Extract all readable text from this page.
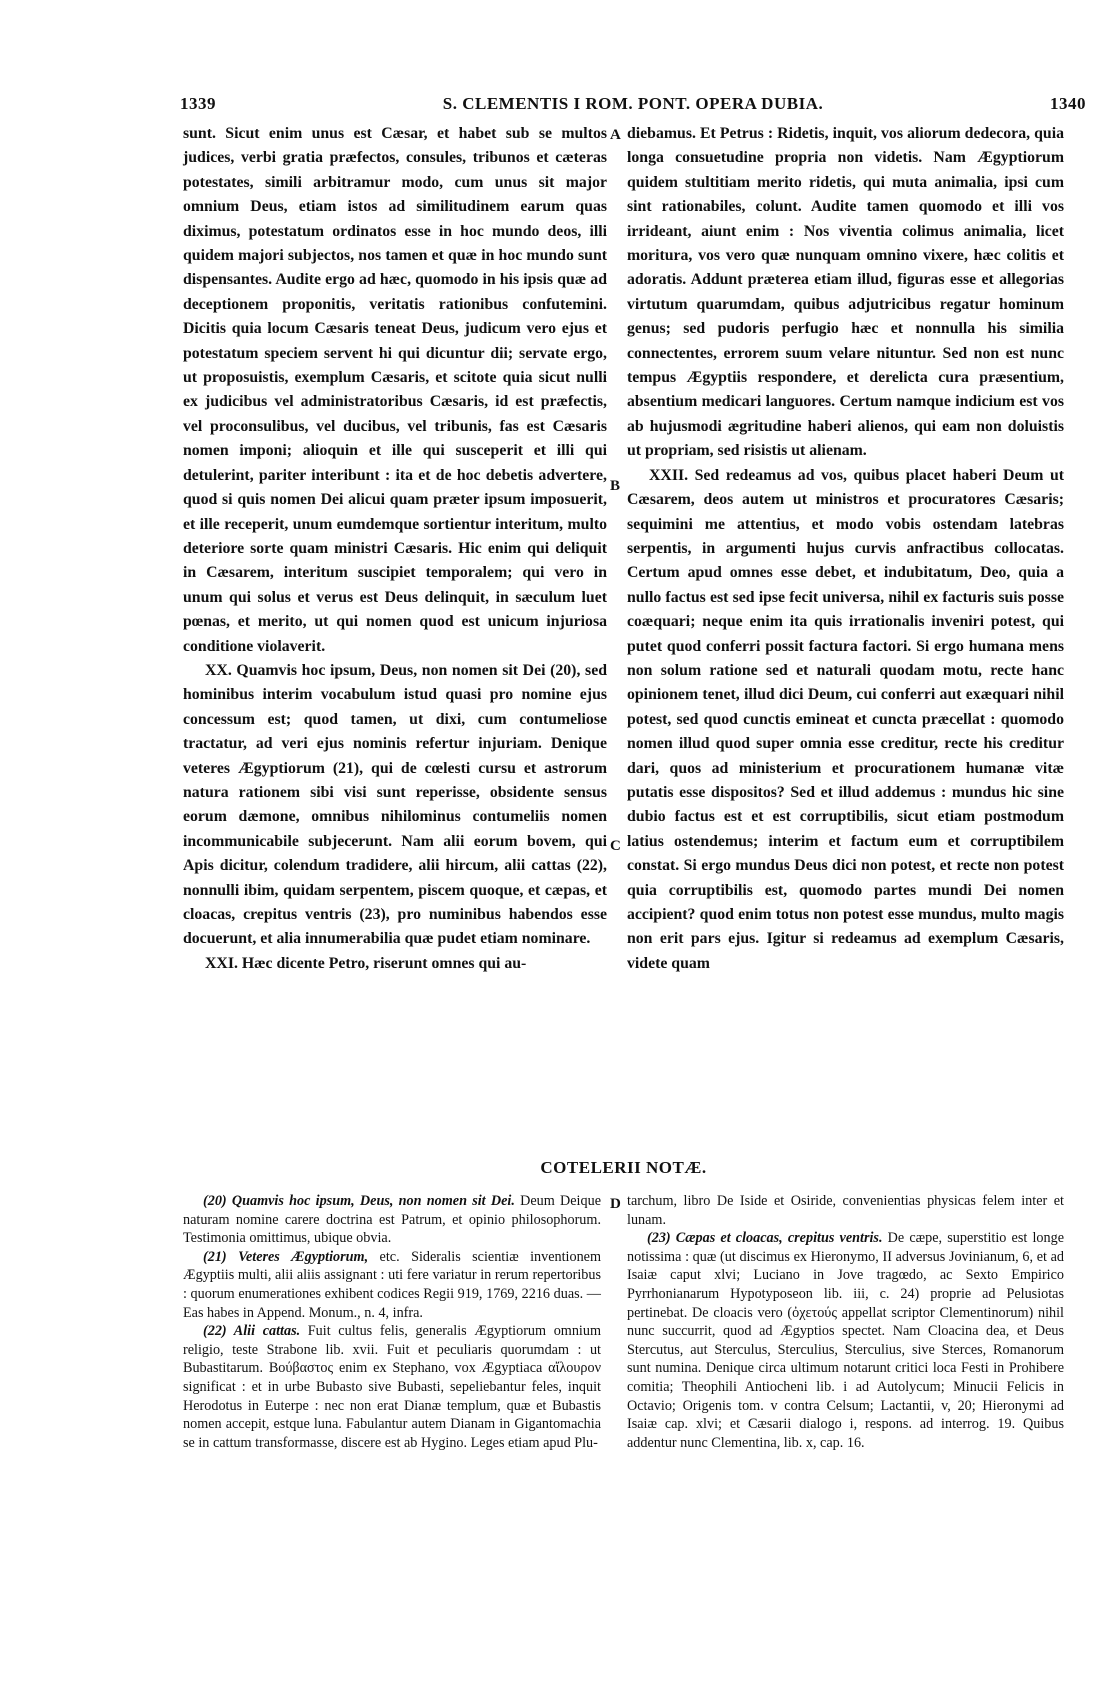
1339	S. CLEMENTIS I ROM. PONT. OPERA DUBIA.	1340
A
B
C
D

sunt. Sicut enim unus est Cæsar, et habet sub se multos judices, verbi gratia præfectos, consules, tribunos et cæteras potestates, simili arbitramur modo, cum unus sit major omnium Deus, etiam istos ad similitudinem earum quas diximus, potestatum ordinatos esse in hoc mundo deos, illi quidem majori subjectos, nos tamen et quæ in hoc mundo sunt dispensantes. Audite ergo ad hæc, quomodo in his ipsis quæ ad deceptionem proponitis, veritatis rationibus confutemini. Dicitis quia locum Cæsaris teneat Deus, judicum vero ejus et potestatum speciem servent hi qui dicuntur dii; servate ergo, ut proposuistis, exemplum Cæsaris, et scitote quia sicut nulli ex judicibus vel administratoribus Cæsaris, id est præfectis, vel proconsulibus, vel ducibus, vel tribunis, fas est Cæsaris nomen imponi; alioquin et ille qui susceperit et illi qui detulerint, pariter interibunt : ita et de hoc debetis advertere, quod si quis nomen Dei alicui quam præter ipsum imposuerit, et ille receperit, unum eumdemque sortientur interitum, multo deteriore sorte quam ministri Cæsaris. Hic enim qui deliquit in Cæsarem, interitum suscipiet temporalem; qui vero in unum qui solus et verus est Deus delinquit, in sæculum luet pœnas, et merito, ut qui nomen quod est unicum injuriosa conditione violaverit.

XX. Quamvis hoc ipsum, Deus, non nomen sit Dei (20), sed hominibus interim vocabulum istud quasi pro nomine ejus concessum est; quod tamen, ut dixi, cum contumeliose tractatur, ad veri ejus nominis refertur injuriam. Denique veteres Ægyptiorum (21), qui de cœlesti cursu et astrorum natura rationem sibi visi sunt reperisse, obsidente sensus eorum dæmone, omnibus nihilominus contumeliis nomen incommunicabile subjecerunt. Nam alii eorum bovem, qui Apis dicitur, colendum tradidere, alii hircum, alii cattas (22), nonnulli ibim, quidam serpentem, piscem quoque, et cæpas, et cloacas, crepitus ventris (23), pro numinibus habendos esse docuerunt, et alia innumerabilia quæ pudet etiam nominare.

XXI. Hæc dicente Petro, riserunt omnes qui au-

diebamus. Et Petrus : Ridetis, inquit, vos aliorum dedecora, quia longa consuetudine propria non videtis. Nam Ægyptiorum quidem stultitiam merito ridetis, qui muta animalia, ipsi cum sint rationabiles, colunt. Audite tamen quomodo et illi vos irrideant, aiunt enim : Nos viventia colimus animalia, licet moritura, vos vero quæ nunquam omnino vixere, hæc colitis et adoratis. Addunt præterea etiam illud, figuras esse et allegorias virtutum quarumdam, quibus adjutricibus regatur hominum genus; sed pudoris perfugio hæc et nonnulla his similia connectentes, errorem suum velare nituntur. Sed non est nunc tempus Ægyptiis respondere, et derelicta cura præsentium, absentium medicari languores. Certum namque indicium est vos ab hujusmodi ægritudine haberi alienos, qui eam non doluistis ut propriam, sed risistis ut alienam.

XXII. Sed redeamus ad vos, quibus placet haberi Deum ut Cæsarem, deos autem ut ministros et procuratores Cæsaris; sequimini me attentius, et modo vobis ostendam latebras serpentis, in argumenti hujus curvis anfractibus collocatas. Certum apud omnes esse debet, et indubitatum, Deo, quia a nullo factus est sed ipse fecit universa, nihil ex facturis suis posse coæquari; neque enim ita quis irrationalis inveniri potest, qui putet quod conferri possit factura factori. Si ergo humana mens non solum ratione sed et naturali quodam motu, recte hanc opinionem tenet, illud dici Deum, cui conferri aut exæquari nihil potest, sed quod cunctis emineat et cuncta præcellat : quomodo nomen illud quod super omnia esse creditur, recte his creditur dari, quos ad ministerium et procurationem humanæ vitæ putatis esse dispositos? Sed et illud addemus : mundus hic sine dubio factus est et est corruptibilis, sicut etiam postmodum latius ostendemus; interim et factum eum et corruptibilem constat. Si ergo mundus Deus dici non potest, et recte non potest quia corruptibilis est, quomodo partes mundi Dei nomen accipient? quod enim totus non potest esse mundus, multo magis non erit pars ejus. Igitur si redeamus ad exemplum Cæsaris, videte quam

COTELERII NOTÆ.

(20) Quamvis hoc ipsum, Deus, non nomen sit Dei. Deum Deique naturam nomine carere doctrina est Patrum, et opinio philosophorum. Testimonia omittimus, ubique obvia.

(21) Veteres Ægyptiorum, etc. Sideralis scientiæ inventionem Ægyptiis multi, alii aliis assignant : uti fere variatur in rerum repertoribus : quorum enumerationes exhibent codices Regii 919, 1769, 2216 duas. — Eas habes in Append. Monum., n. 4, infra.

(22) Alii cattas. Fuit cultus felis, generalis Ægyptiorum omnium religio, teste Strabone lib. xvii. Fuit et peculiaris quorumdam : ut Bubastitarum. Βούβαστος enim ex Stephano, vox Ægyptiaca αἴλουρον significat : et in urbe Bubasto sive Bubasti, sepeliebantur feles, inquit Herodotus in Euterpe : nec non erat Dianæ templum, quæ et Bubastis nomen accepit, estque luna. Fabulantur autem Dianam in Gigantomachia se in cattum transformasse, discere est ab Hygino. Leges etiam apud Plu-

tarchum, libro De Iside et Osiride, convenientias physicas felem inter et lunam.

(23) Cæpas et cloacas, crepitus ventris. De cæpe, superstitio est longe notissima : quæ (ut discimus ex Hieronymo, II adversus Jovinianum, 6, et ad Isaiæ caput xlvi; Luciano in Jove tragœdo, ac Sexto Empirico Pyrrhonianarum Hypotyposeon lib. iii, c. 24) proprie ad Pelusiotas pertinebat. De cloacis vero (ὀχετούς appellat scriptor Clementinorum) nihil nunc succurrit, quod ad Ægyptios spectet. Nam Cloacina dea, et Deus Stercutus, aut Sterculus, Sterculius, Sterculius, sive Sterces, Romanorum sunt numina. Denique circa ultimum notarunt critici loca Festi in Prohibere comitia; Theophili Antiocheni lib. i ad Autolycum; Minucii Felicis in Octavio; Origenis tom. v contra Celsum; Lactantii, v, 20; Hieronymi ad Isaiæ cap. xlvi; et Cæsarii dialogo i, respons. ad interrog. 19. Quibus addentur nunc Clementina, lib. x, cap. 16.
